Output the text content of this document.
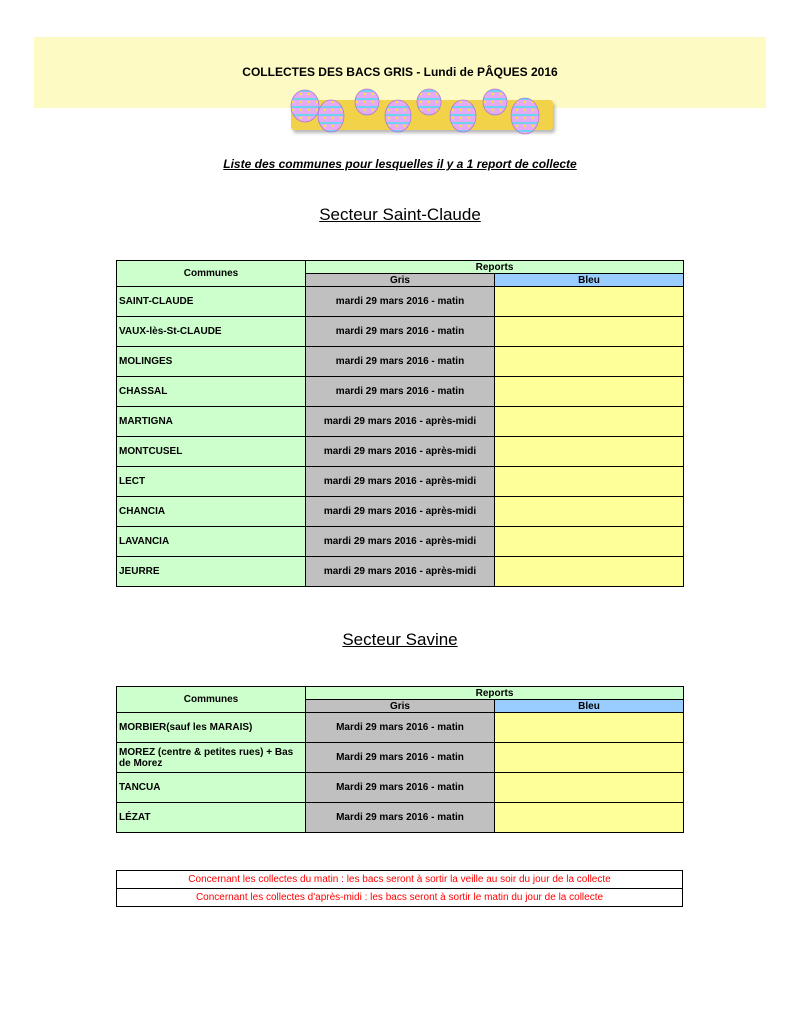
COLLECTES DES BACS GRIS - Lundi de PÂQUES 2016
Liste des communes pour lesquelles il y a 1 report de collecte
Secteur Saint-Claude
Communes	Reports	
	Gris	Bleu
SAINT-CLAUDE	mardi 29 mars 2016 - matin	
VAUX-lès-St-CLAUDE	mardi 29 mars 2016 - matin	
MOLINGES	mardi 29 mars 2016 - matin	
CHASSAL	mardi 29 mars 2016 - matin	
MARTIGNA	mardi 29 mars 2016 - après-midi	
MONTCUSEL	mardi 29 mars 2016 - après-midi	
LECT	mardi 29 mars 2016 - après-midi	
CHANCIA	mardi 29 mars 2016 - après-midi	
LAVANCIA	mardi 29 mars 2016 - après-midi	
JEURRE	mardi 29 mars 2016 - après-midi	
Secteur Savine
Communes	Reports	
	Gris	Bleu
MORBIER(sauf les MARAIS)	Mardi 29 mars 2016 - matin	
MOREZ (centre & petites rues) + Bas de Morez	Mardi 29 mars 2016 - matin	
TANCUA	Mardi 29 mars 2016 - matin	
LÉZAT	Mardi 29 mars 2016 - matin	
Concernant les collectes du matin : les bacs seront à sortir la veille au soir du jour de la collecte
Concernant les collectes d'après-midi : les bacs seront à sortir le matin du jour de la collecte
